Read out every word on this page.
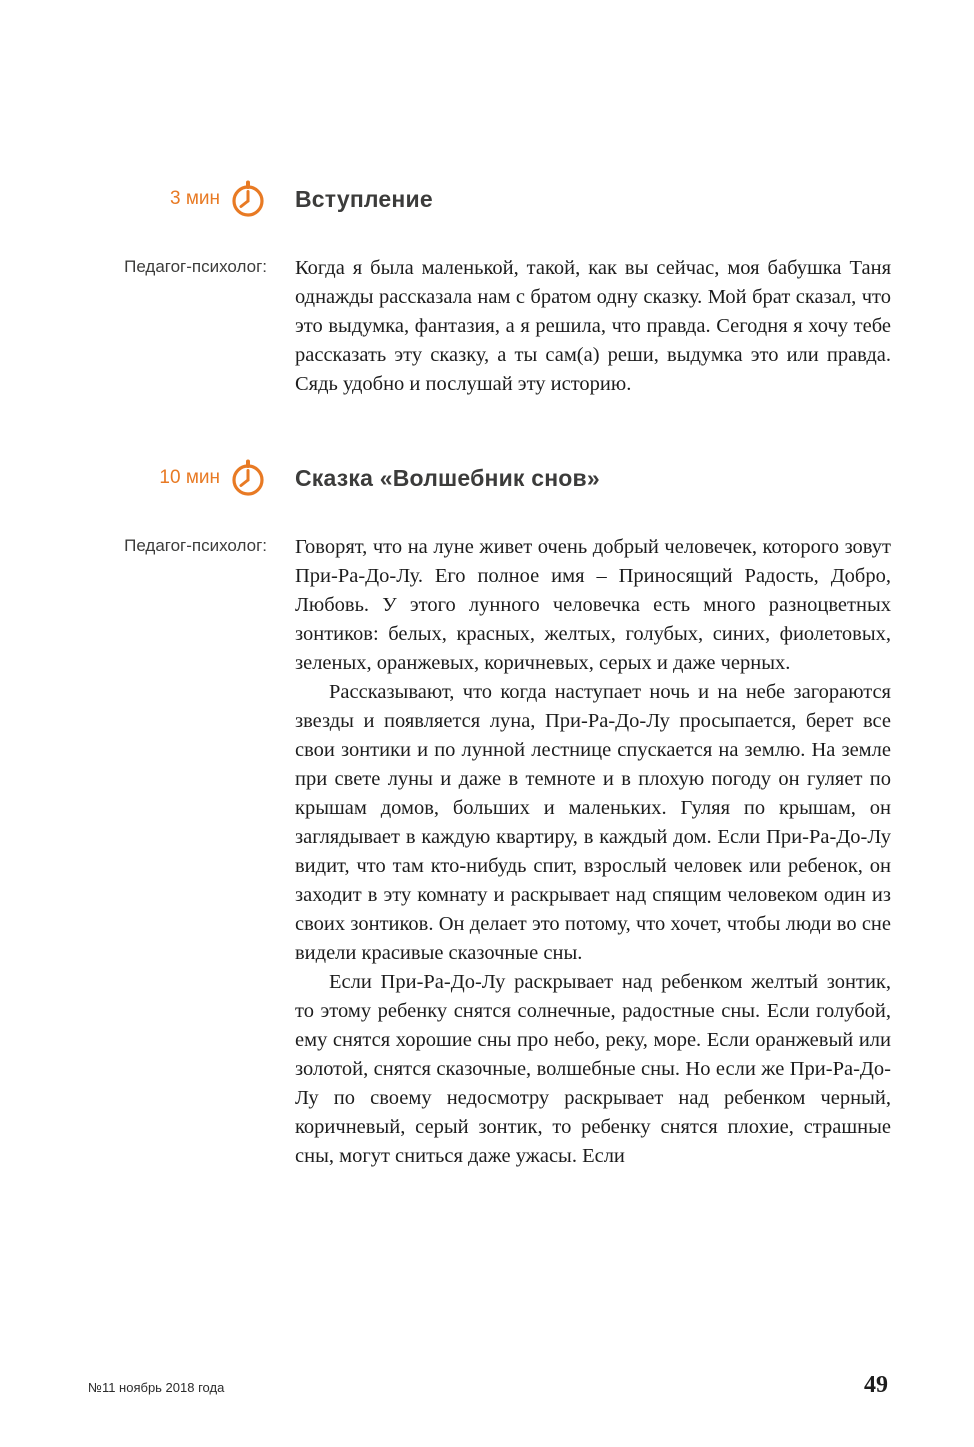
3 мин	Вступление
Педагог-психолог: Когда я была маленькой, такой, как вы сейчас, моя бабушка Таня однажды рассказала нам с братом одну сказку. Мой брат сказал, что это выдумка, фантазия, а я решила, что правда. Сегодня я хочу тебе рассказать эту сказку, а ты сам(а) реши, выдумка это или правда. Сядь удобно и послушай эту историю.

10 мин	Сказка «Волшебник снов»
Педагог-психолог: Говорят, что на луне живет очень добрый человечек, которого зовут При-Ра-До-Лу. Его полное имя – Приносящий Радость, Добро, Любовь. У этого лунного человечка есть много разноцветных зонтиков: белых, красных, желтых, голубых, синих, фиолетовых, зеленых, оранжевых, коричневых, серых и даже черных.

Рассказывают, что когда наступает ночь и на небе загораются звезды и появляется луна, При-Ра-До-Лу просыпается, берет все свои зонтики и по лунной лестнице спускается на землю. На земле при свете луны и даже в темноте и в плохую погоду он гуляет по крышам домов, больших и маленьких. Гуляя по крышам, он заглядывает в каждую квартиру, в каждый дом. Если При-Ра-До-Лу видит, что там кто-нибудь спит, взрослый человек или ребенок, он заходит в эту комнату и раскрывает над спящим человеком один из своих зонтиков. Он делает это потому, что хочет, чтобы люди во сне видели красивые сказочные сны.

Если При-Ра-До-Лу раскрывает над ребенком желтый зонтик, то этому ребенку снятся солнечные, радостные сны. Если голубой, ему снятся хорошие сны про небо, реку, море. Если оранжевый или золотой, снятся сказочные, волшебные сны. Но если же При-Ра-До-Лу по своему недосмотру раскрывает над ребенком черный, коричневый, серый зонтик, то ребенку снятся плохие, страшные сны, могут сниться даже ужасы. Если

№11 ноябрь 2018 года	49
